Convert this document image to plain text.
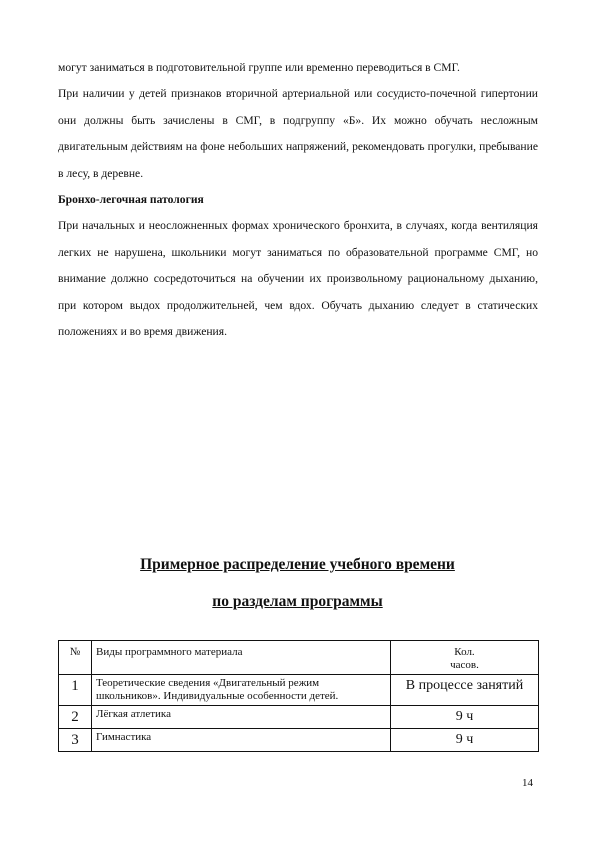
могут заниматься в подготовительной группе или временно переводиться в СМГ.

При наличии у детей признаков вторичной артериальной или сосудисто-почечной гипертонии они должны быть зачислены в СМГ, в подгруппу «Б». Их можно обучать несложным двигательным действиям на фоне небольших напряжений, рекомендовать прогулки, пребывание в лесу, в деревне.

Бронхо-легочная патология

При начальных и неосложненных формах хронического бронхита, в случаях, когда вентиляция легких не нарушена, школьники могут заниматься по образовательной программе СМГ, но внимание должно сосредоточиться на обучении их произвольному рациональному дыханию, при котором выдох продолжительней, чем вдох. Обучать дыханию следует в статических положениях и во время движения.

Примерное распределение учебного времени
по разделам программы
№	Виды программного материала	Кол.
часов.

1	Теоретические сведения «Двигательный режим школьников». Индивидуальные особенности детей.	В процессе занятий
2	Лёгкая атлетика	9 ч
3	Гимнастика	9 ч
14
